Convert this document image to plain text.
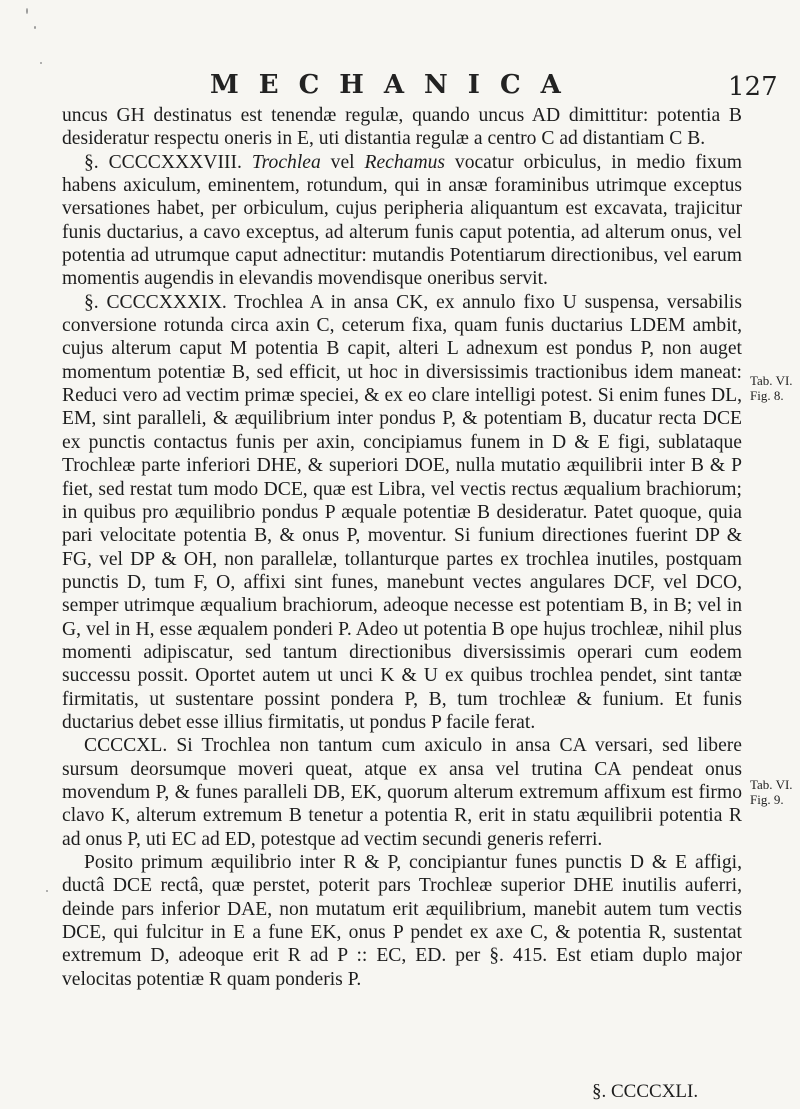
MECHANICA	127

uncus GH destinatus est tenendæ regulæ, quando uncus AD dimittitur: potentia B desideratur respectu oneris in E, uti distantia regulæ a centro C ad distantiam C B.

§. CCCCXXXVIII. Trochlea vel Rechamus vocatur orbiculus, in medio fixum habens axiculum, eminentem, rotundum, qui in ansæ foraminibus utrimque exceptus versationes habet, per orbiculum, cujus peripheria aliquantum est excavata, trajicitur funis ductarius, a cavo exceptus, ad alterum funis caput potentia, ad alterum onus, vel potentia ad utrumque caput adnectitur: mutandis Potentiarum directionibus, vel earum momentis augendis in elevandis movendisque oneribus servit.

§. CCCCXXXIX. Trochlea A in ansa CK, ex annulo fixo U suspensa, versabilis conversione rotunda circa axin C, ceterum fixa, quam funis ductarius LDEM ambit, cujus alterum caput M potentia B capit, alteri L adnexum est pondus P, non auget momentum potentiæ B, sed efficit, ut hoc in diversissimis tractionibus idem maneat: Reduci vero ad vectim primæ speciei, & ex eo clare intelligi potest. Si enim funes DL, EM, sint paralleli, & æquilibrium inter pondus P, & potentiam B, ducatur recta DCE ex punctis contactus funis per axin, concipiamus funem in D & E figi, sublataque Trochleæ parte inferiori DHE, & superiori DOE, nulla mutatio æquilibrii inter B & P fiet, sed restat tum modo DCE, quæ est Libra, vel vectis rectus æqualium brachiorum; in quibus pro æquilibrio pondus P æquale potentiæ B desideratur. Patet quoque, quia pari velocitate potentia B, & onus P, moventur. Si funium directiones fuerint DP & FG, vel DP & OH, non parallelæ, tollanturque partes ex trochlea inutiles, postquam punctis D, tum F, O, affixi sint funes, manebunt vectes angulares DCF, vel DCO, semper utrimque æqualium brachiorum, adeoque necesse est potentiam B, in B; vel in G, vel in H, esse æqualem ponderi P. Adeo ut potentia B ope hujus trochleæ, nihil plus momenti adipiscatur, sed tantum directionibus diversissimis operari cum eodem successu possit. Oportet autem ut unci K & U ex quibus trochlea pendet, sint tantæ firmitatis, ut sustentare possint pondera P, B, tum trochleæ & funium. Et funis ductarius debet esse illius firmitatis, ut pondus P facile ferat.

CCCCXL. Si Trochlea non tantum cum axiculo in ansa CA versari, sed libere sursum deorsumque moveri queat, atque ex ansa vel trutina CA pendeat onus movendum P, & funes paralleli DB, EK, quorum alterum extremum affixum est firmo clavo K, alterum extremum B tenetur a potentia R, erit in statu æquilibrii potentia R ad onus P, uti EC ad ED, potestque ad vectim secundi generis referri.

Posito primum æquilibrio inter R & P, concipiantur funes punctis D & E affigi, ductâ DCE rectâ, quæ perstet, poterit pars Trochleæ superior DHE inutilis auferri, deinde pars inferior DAE, non mutatum erit æquilibrium, manebit autem tum vectis DCE, qui fulcitur in E a fune EK, onus P pendet ex axe C, & potentia R, sustentat extremum D, adeoque erit R ad P :: EC, ED. per §. 415. Est etiam duplo major velocitas potentiæ R quam ponderis P.

Tab. VI.
Fig. 8.
Tab. VI.
Fig. 9.
§. CCCCXLI.
